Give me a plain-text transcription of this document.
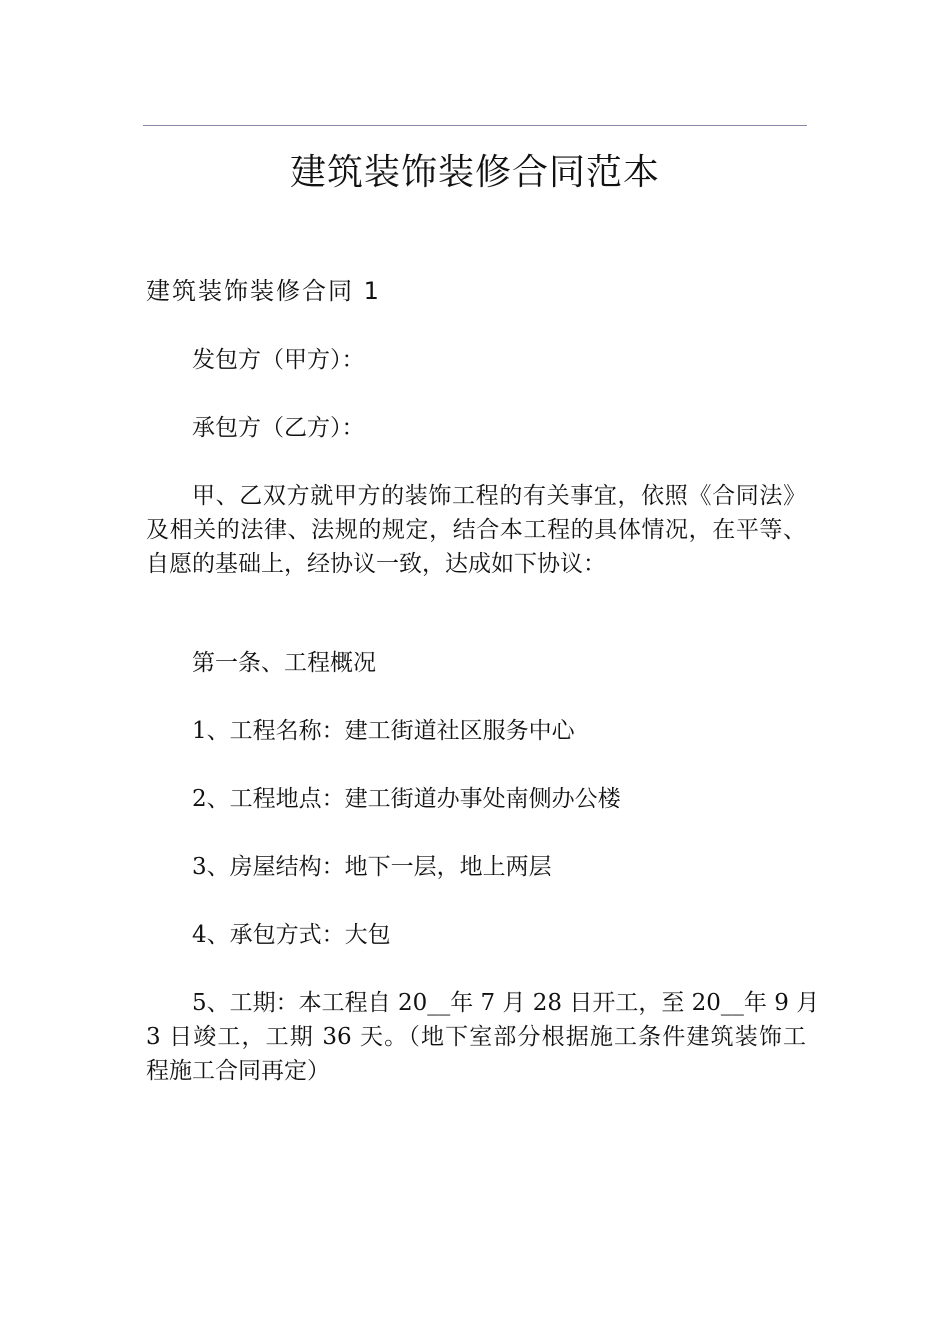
建筑装饰装修合同范本
建筑装饰装修合同 1
发包方（甲方）：
承包方（乙方）：
甲、乙双方就甲方的装饰工程的有关事宜，依照《合同法》
及相关的法律、法规的规定，结合本工程的具体情况，在平等、
自愿的基础上，经协议一致，达成如下协议：
第一条、工程概况
1、工程名称：建工街道社区服务中心
2、工程地点：建工街道办事处南侧办公楼
3、房屋结构：地下一层，地上两层
4、承包方式：大包
5、工期：本工程自 20__年 7 月 28 日开工，至 20__年 9 月
3 日竣工，工期 36 天。（地下室部分根据施工条件建筑装饰工
程施工合同再定）
